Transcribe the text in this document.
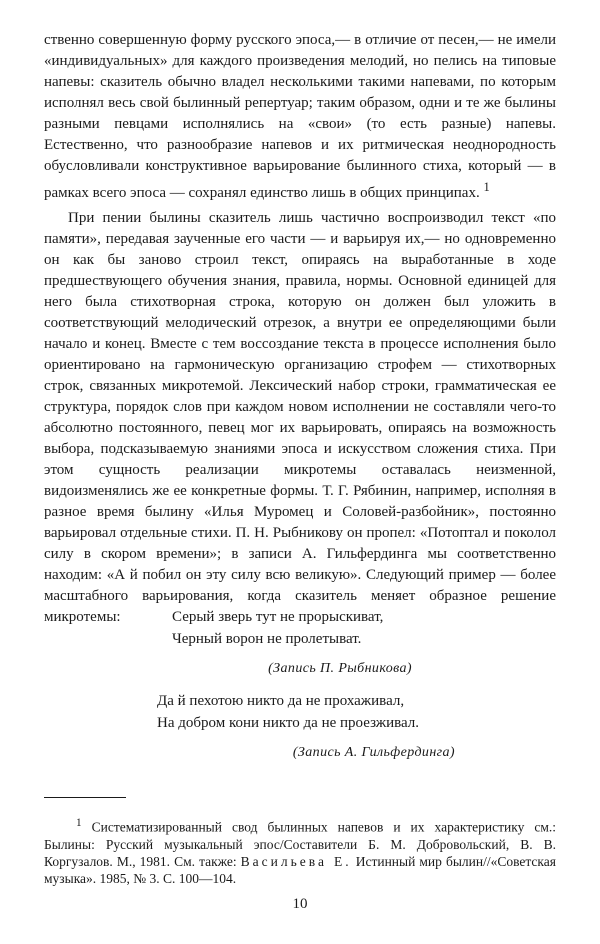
ственно совершенную форму русского эпоса,— в отличие от песен,— не имели «индивидуальных» для каждого произведения мелодий, но пелись на типовые напевы: сказитель обычно владел несколькими такими напевами, по которым исполнял весь свой былинный репертуар; таким образом, одни и те же былины разными певцами исполнялись на «свои» (то есть разные) напевы. Естественно, что разнообразие напевов и их ритмическая неоднородность обусловливали конструктивное варьирование былинного стиха, который — в рамках всего эпоса — сохранял единство лишь в общих принципах. $^1$

При пении былины сказитель лишь частично воспроизводил текст «по памяти», передавая заученные его части — и варьируя их,— но одновременно он как бы заново строил текст, опираясь на выработанные в ходе предшествующего обучения знания, правила, нормы. Основной единицей для него была стихотворная строка, которую он должен был уложить в соответствующий мелодический отрезок, а внутри ее определяющими были начало и конец. Вместе с тем воссоздание текста в процессе исполнения было ориентировано на гармоническую организацию строфем — стихотворных строк, связанных микротемой. Лексический набор строки, грамматическая ее структура, порядок слов при каждом новом исполнении не составляли чего-то абсолютно постоянного, певец мог их варьировать, опираясь на возможность выбора, подсказываемую знаниями эпоса и искусством сложения стиха. При этом сущность реализации микротемы оставалась неизменной, видоизменялись же ее конкретные формы. Т. Г. Рябинин, например, исполняя в разное время былину «Илья Муромец и Соловей-разбойник», постоянно варьировал отдельные стихи. П. Н. Рыбникову он пропел: «Потоптал и поколол силу в скором времени»; в записи А. Гильфердинга мы соответственно находим: «А й побил он эту силу всю великую». Следующий пример — более масштабного варьирования, когда сказитель меняет образное решение микротемы:	Серый зверь тут не прорыскиват,
Черный ворон не пролетыват.
(Запись П. Рыбникова)
Да й пехотою никто да не прохаживал,
На добром кони никто да не проезживал.
(Запись А. Гильфердинга)

$^1$ Систематизированный свод былинных напевов и их характеристику см.: Былины: Русский музыкальный эпос/Составители Б. М. Добровольский, В. В. Коргузалов. М., 1981. См. также: Васильева Е. Истинный мир былин//«Советская музыка». 1985, № 3. С. 100—104.

10
